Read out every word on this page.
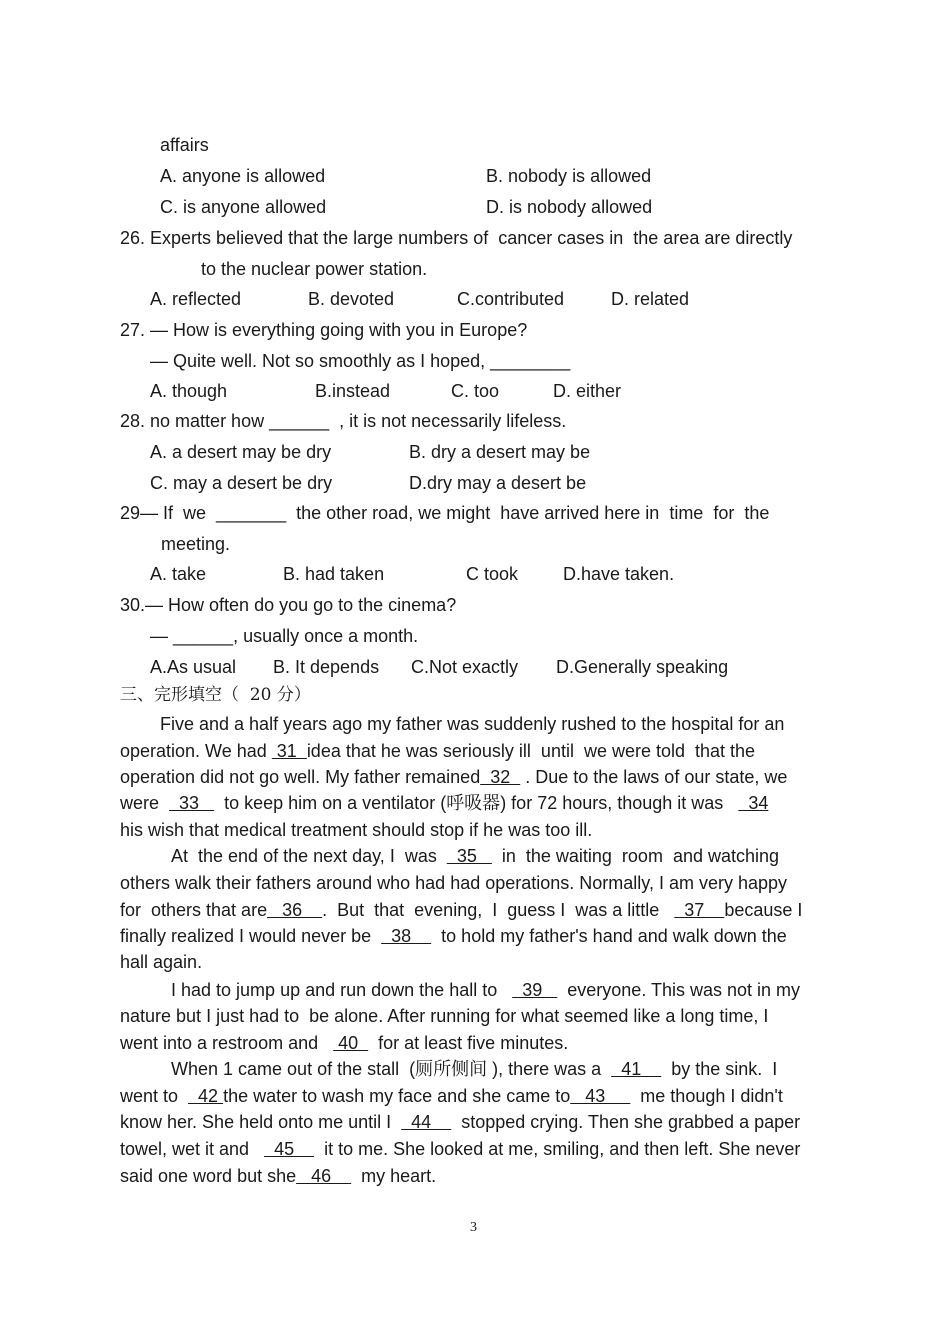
affairs
A. anyone is allowed	B. nobody is allowed
C. is anyone allowed	D. is nobody allowed
26. Experts believed that the large numbers of  cancer cases in  the area are directly
to the nuclear power station.
A. reflected	B. devoted	C.contributed	D. related
27. — How is everything going with you in Europe?
— Quite well. Not so smoothly as I hoped, ________
A. though	B.instead	C. too	D. either
28. no matter how ______  , it is not necessarily lifeless.
A. a desert may be dry	B. dry a desert may be
C. may a desert be dry	D.dry may a desert be
29— If  we  _______  the other road, we might  have arrived here in  time  for  the
meeting.
A. take	B. had taken	C took D.have taken.
30.— How often do you go to the cinema?
— ______, usually once a month.
A.As usual B. It depends C.Not exactly D.Generally speaking
三、完形填空（  20 分）
Five and a half years ago my father was suddenly rushed to the hospital for an
operation. We had  31  idea that he was seriously ill  until  we were told  that the
operation did not go well. My father remained  32   . Due to the laws of our state, we
were    33     to keep him on a ventilator (呼吸器) for 72 hours, though it was     34
his wish that medical treatment should stop if he was too ill.
At  the end of the next day, I  was    35     in  the waiting  room  and watching
others walk their fathers around who had had operations. Normally, I am very happy
for  others that are   36    .  But  that  evening,  I  guess I  was a little     37    because I
finally realized I would never be    38      to hold my father's hand and walk down the
hall again.
I had to jump up and run down the hall to     39     everyone. This was not in my
nature but I just had to  be alone. After running for what seemed like a long time, I
went into a restroom and    40    for at least five minutes.
When 1 came out of the stall  (厕所侧间 ), there was a    41      by the sink.  I
went to    42 the water to wash my face and she came to   43       me though I didn't
know her. She held onto me until I    44      stopped crying. Then she grabbed a paper
towel, wet it and     45      it to me. She looked at me, smiling, and then left. She never
said one word but she   46      my heart.
3
